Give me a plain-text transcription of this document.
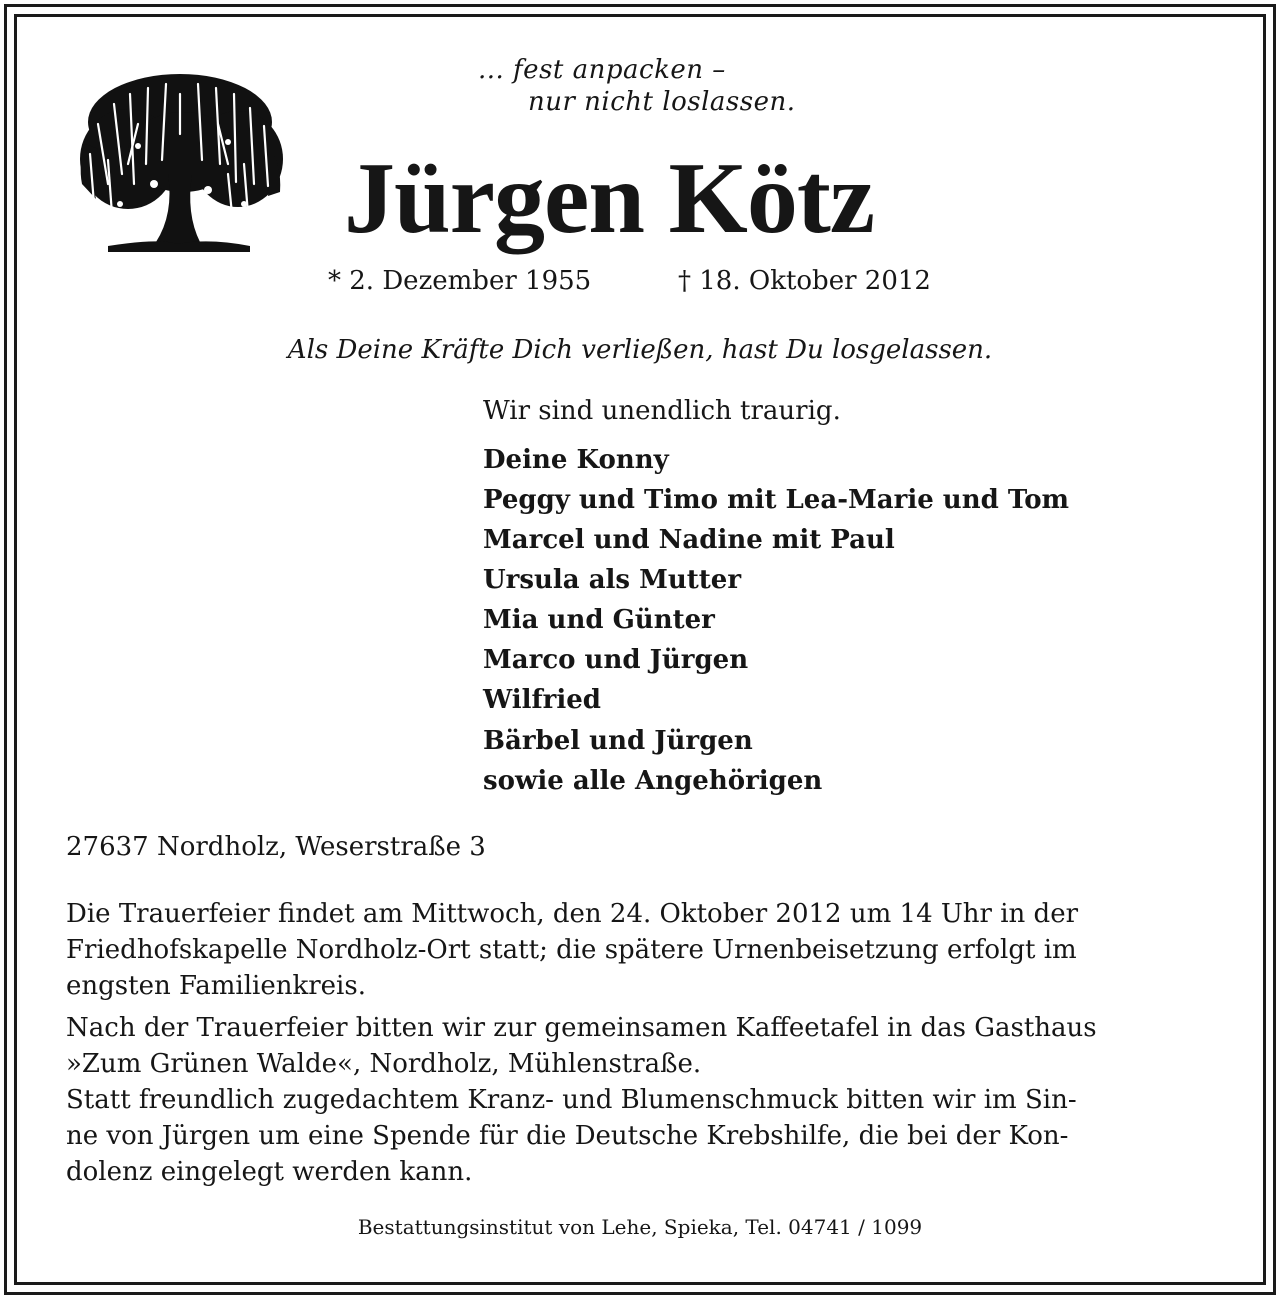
... fest anpacken –
nur nicht loslassen.
Jürgen Kötz
* 2. Dezember 1955	† 18. Oktober 2012
Als Deine Kräfte Dich verließen, hast Du losgelassen.
Wir sind unendlich traurig.
Deine Konny
Peggy und Timo mit Lea-Marie und Tom
Marcel und Nadine mit Paul
Ursula als Mutter
Mia und Günter
Marco und Jürgen
Wilfried
Bärbel und Jürgen
sowie alle Angehörigen
27637 Nordholz, Weserstraße 3
Die Trauerfeier findet am Mittwoch, den 24. Oktober 2012 um 14 Uhr in der
Friedhofskapelle Nordholz-Ort statt; die spätere Urnenbeisetzung erfolgt im
engsten Familienkreis.
Nach der Trauerfeier bitten wir zur gemeinsamen Kaffeetafel in das Gasthaus
»Zum Grünen Walde«, Nordholz, Mühlenstraße.
Statt freundlich zugedachtem Kranz- und Blumenschmuck bitten wir im Sin-
ne von Jürgen um eine Spende für die Deutsche Krebshilfe, die bei der Kon-
dolenz eingelegt werden kann.
Bestattungsinstitut von Lehe, Spieka, Tel. 04741 / 1099
